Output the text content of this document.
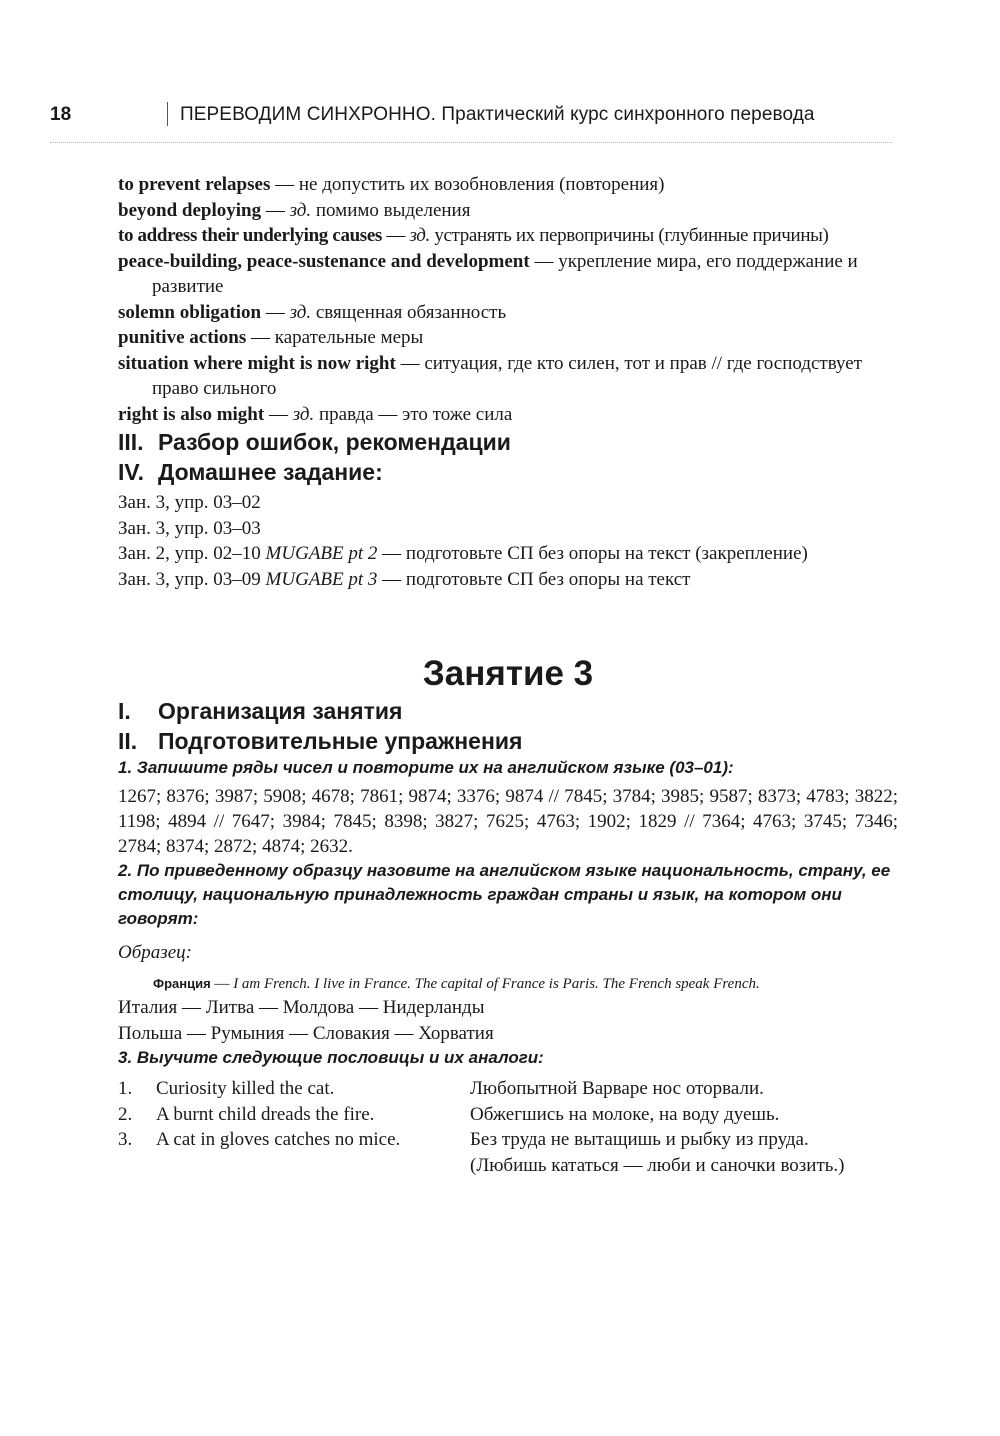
18	ПЕРЕВОДИМ СИНХРОННО. Практический курс синхронного перевода
to prevent relapses — не допустить их возобновления (повторения)
beyond deploying — зд. помимо выделения
to address their underlying causes — зд. устранять их первопричины (глубинные причины)
peace-building, peace-sustenance and development — укрепление мира, его поддержание и развитие
solemn obligation — зд. священная обязанность
punitive actions — карательные меры
situation where might is now right — ситуация, где кто силен, тот и прав // где господствует право сильного
right is also might — зд. правда — это тоже сила
III. Разбор ошибок, рекомендации
IV. Домашнее задание:
Зан. 3, упр. 03–02
Зан. 3, упр. 03–03
Зан. 2, упр. 02–10 MUGABE pt 2 — подготовьте СП без опоры на текст (закрепление)
Зан. 3, упр. 03–09 MUGABE pt 3 — подготовьте СП без опоры на текст
Занятие 3
I. Организация занятия
II. Подготовительные упражнения
1. Запишите ряды чисел и повторите их на английском языке (03–01):

1267; 8376; 3987; 5908; 4678; 7861; 9874; 3376; 9874 // 7845; 3784; 3985; 9587; 8373; 4783; 3822; 1198; 4894 // 7647; 3984; 7845; 8398; 3827; 7625; 4763; 1902; 1829 // 7364; 4763; 3745; 7346; 2784; 8374; 2872; 4874; 2632.

2. По приведенному образцу назовите на английском языке национальность, страну, ее столицу, национальную принадлежность граждан страны и язык, на котором они говорят:
Образец:
Франция — I am French. I live in France. The capital of France is Paris. The French speak French.
Италия — Литва — Молдова — Нидерланды
Польша — Румыния — Словакия — Хорватия
3. Выучите следующие пословицы и их аналоги:
1.	Curiosity killed the cat.	Любопытной Варваре нос оторвали.
2.	A burnt child dreads the fire.	Обжегшись на молоке, на воду дуешь.
3.	A cat in gloves catches no mice.	Без труда не вытащишь и рыбку из пруда.
		(Любишь кататься — люби и саночки возить.)
